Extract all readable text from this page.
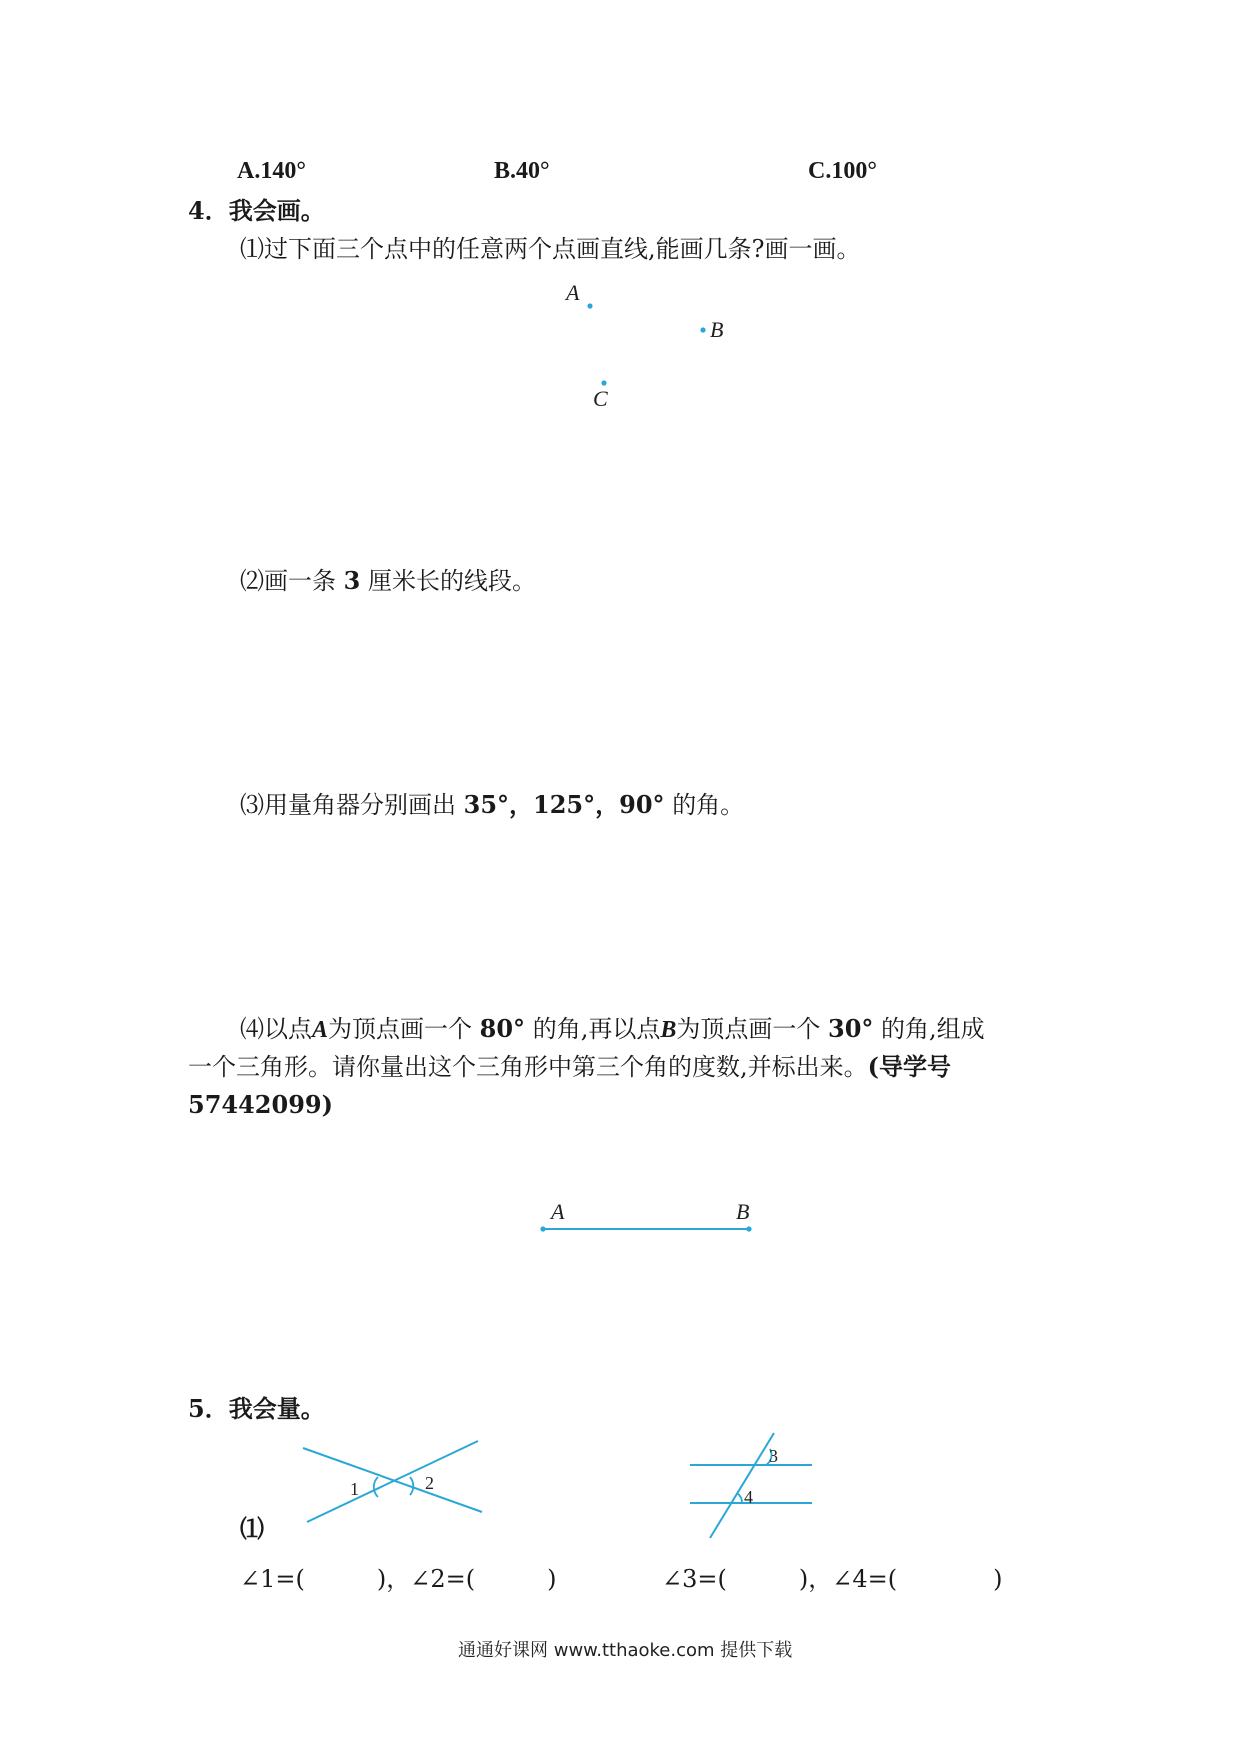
A.140°	B.40°	C.100°
4．我会画。
⑴过下面三个点中的任意两个点画直线,能画几条?画一画。
A
B
C
⑵画一条 3 厘米长的线段。
⑶用量角器分别画出 35°，125°，90° 的角。
⑷以点A为顶点画一个 80° 的角,再以点B为顶点画一个 30° 的角,组成
一个三角形。请你量出这个三角形中第三个角的度数,并标出来。(导学号
57442099)
A	B
5．我会量。
1	2
3
4
⑴
∠1=(　　　)，∠2=(　　　)	∠3=(　　　)，∠4=(　　　　)
通通好课网 www.tthaoke.com 提供下载
